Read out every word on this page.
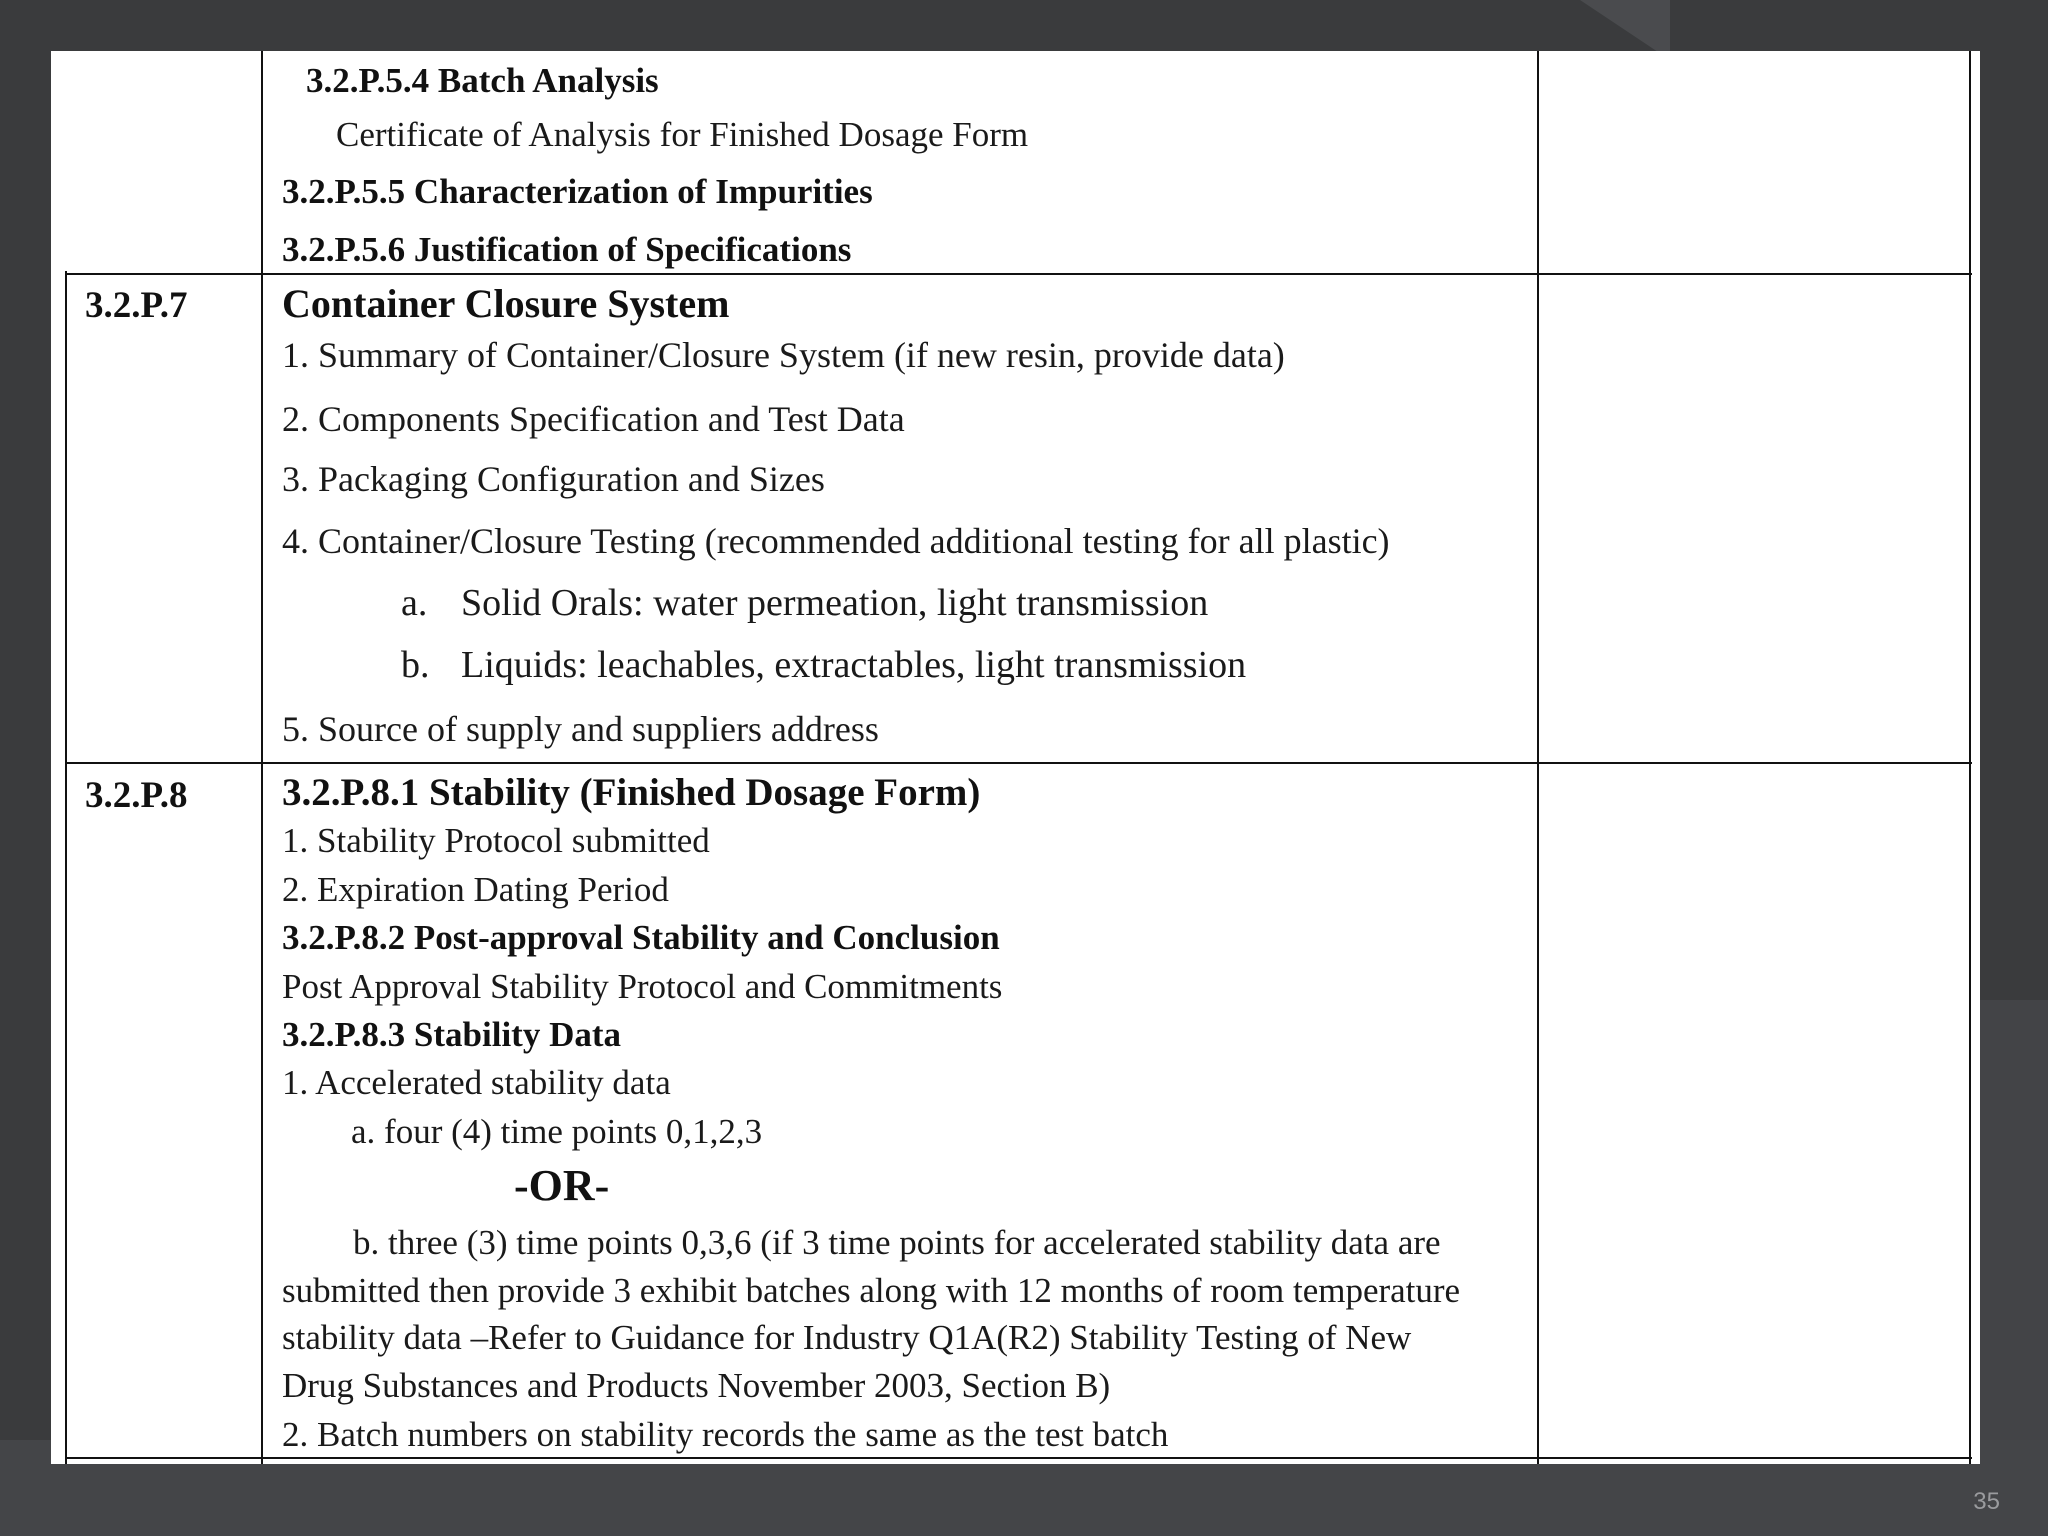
3.2.P.5.4 Batch Analysis
Certificate of Analysis for Finished Dosage Form
3.2.P.5.5 Characterization of Impurities
3.2.P.5.6 Justification of Specifications
3.2.P.7 Container Closure System
1. Summary of Container/Closure System (if new resin, provide data)
2. Components Specification and Test Data
3. Packaging Configuration and Sizes
4. Container/Closure Testing (recommended additional testing for all plastic)
a. Solid Orals: water permeation, light transmission
b. Liquids: leachables, extractables, light transmission
5. Source of supply and suppliers address
3.2.P.8 3.2.P.8.1 Stability (Finished Dosage Form)
1. Stability Protocol submitted
2. Expiration Dating Period
3.2.P.8.2 Post-approval Stability and Conclusion
Post Approval Stability Protocol and Commitments
3.2.P.8.3 Stability Data
1. Accelerated stability data
a. four (4) time points 0,1,2,3
-OR-
b. three (3) time points 0,3,6 (if 3 time points for accelerated stability data are
submitted then provide 3 exhibit batches along with 12 months of room temperature
stability data –Refer to Guidance for Industry Q1A(R2) Stability Testing of New
Drug Substances and Products November 2003, Section B)
2. Batch numbers on stability records the same as the test batch
35
